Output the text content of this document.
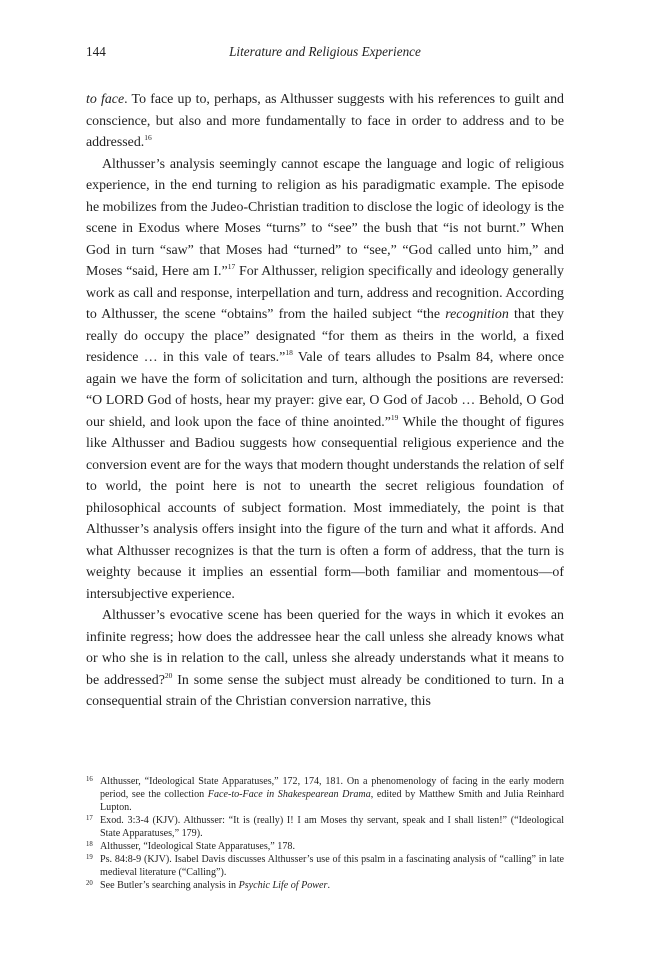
144	Literature and Religious Experience

to face. To face up to, perhaps, as Althusser suggests with his references to guilt and conscience, but also and more fundamentally to face in order to address and to be addressed.$^{16}$

Althusser’s analysis seemingly cannot escape the language and logic of religious experience, in the end turning to religion as his paradigmatic example. The episode he mobilizes from the Judeo-Christian tradition to disclose the logic of ideology is the scene in Exodus where Moses “turns” to “see” the bush that “is not burnt.” When God in turn “saw” that Moses had “turned” to “see,” “God called unto him,” and Moses “said, Here am I.”$^{17}$ For Althusser, religion specifically and ideology generally work as call and response, interpellation and turn, address and recognition. According to Althusser, the scene “obtains” from the hailed subject “the recognition that they really do occupy the place” designated “for them as theirs in the world, a fixed residence … in this vale of tears.”$^{18}$ Vale of tears alludes to Psalm 84, where once again we have the form of solicitation and turn, although the positions are reversed: “O LORD God of hosts, hear my prayer: give ear, O God of Jacob … Behold, O God our shield, and look upon the face of thine anointed.”$^{19}$ While the thought of figures like Althusser and Badiou suggests how consequential religious experience and the conversion event are for the ways that modern thought understands the relation of self to world, the point here is not to unearth the secret religious foundation of philosophical accounts of subject formation. Most immediately, the point is that Althusser’s analysis offers insight into the figure of the turn and what it affords. And what Althusser recognizes is that the turn is often a form of address, that the turn is weighty because it implies an essential form—both familiar and momentous—of intersubjective experience.

Althusser’s evocative scene has been queried for the ways in which it evokes an infinite regress; how does the addressee hear the call unless she already knows what or who she is in relation to the call, unless she already understands what it means to be addressed?$^{20}$ In some sense the subject must already be conditioned to turn. In a consequential strain of the Christian conversion narrative, this

16 Althusser, “Ideological State Apparatuses,” 172, 174, 181. On a phenomenology of facing in the early modern period, see the collection Face-to-Face in Shakespearean Drama, edited by Matthew Smith and Julia Reinhard Lupton.
17 Exod. 3:3-4 (KJV). Althusser: “It is (really) I! I am Moses thy servant, speak and I shall listen!” (“Ideological State Apparatuses,” 179).
18 Althusser, “Ideological State Apparatuses,” 178.
19 Ps. 84:8-9 (KJV). Isabel Davis discusses Althusser’s use of this psalm in a fascinating analysis of “calling” in late medieval literature (“Calling”).
20 See Butler’s searching analysis in Psychic Life of Power.
